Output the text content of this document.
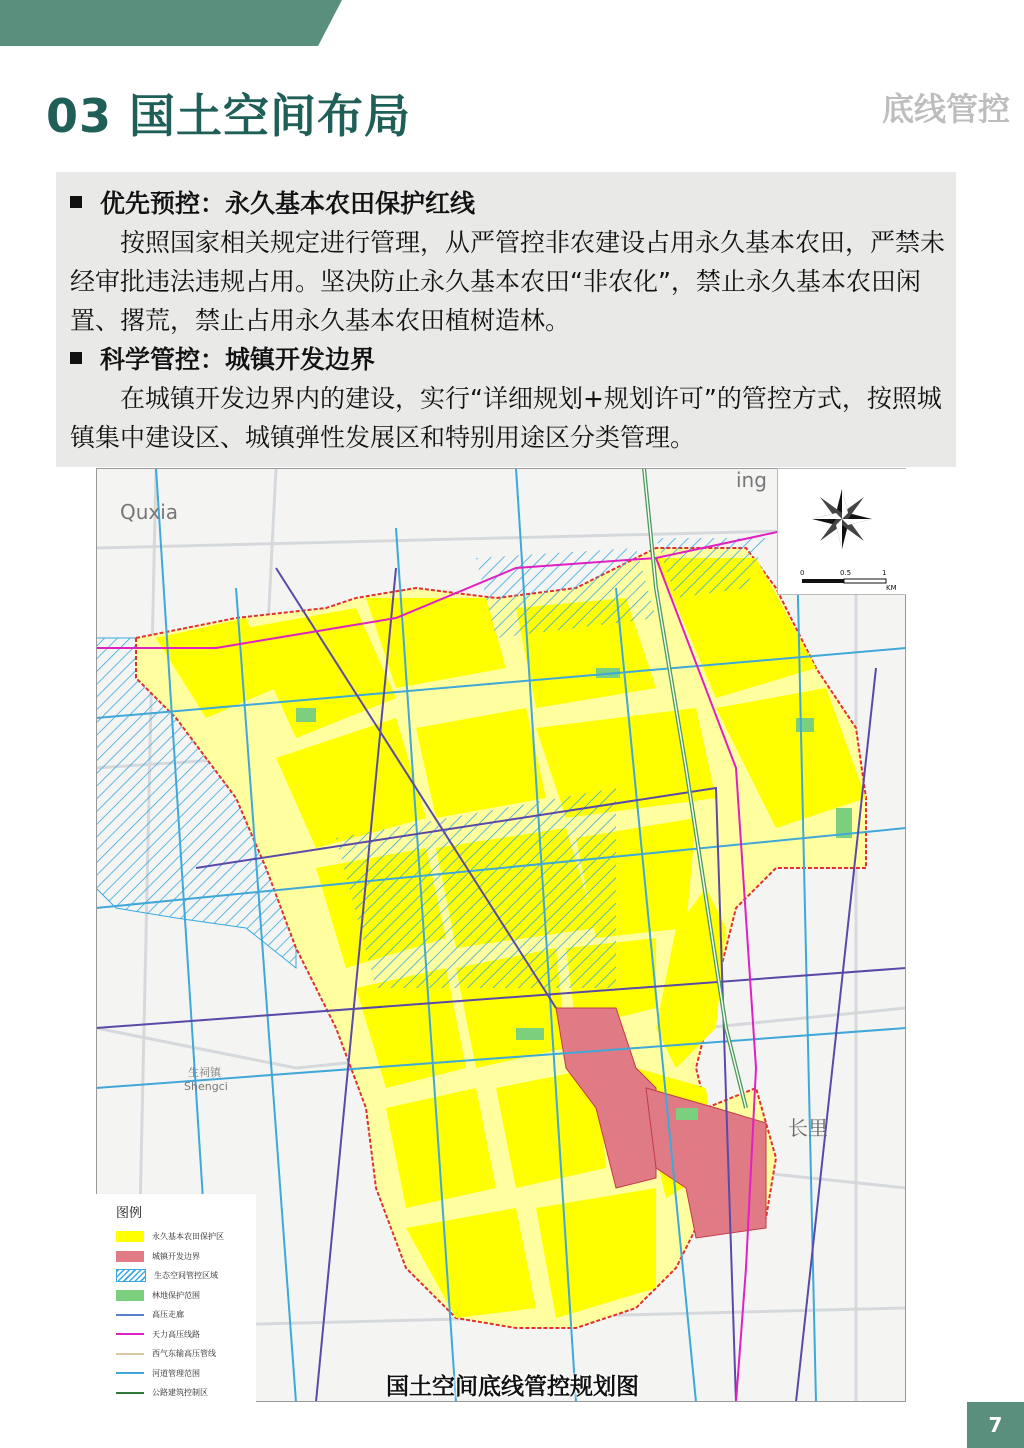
03 国土空间布局	底线管控
优先预控：永久基本农田保护红线

按照国家相关规定进行管理，从严管控非农建设占用永久基本农田，严禁未经审批违法违规占用。坚决防止永久基本农田“非农化”，禁止永久基本农田闲置、撂荒，禁止占用永久基本农田植树造林。

科学管控：城镇开发边界

在城镇开发边界内的建设，实行“详细规划+规划许可”的管控方式，按照城镇集中建设区、城镇弹性发展区和特别用途区分类管理。

Quxia
ing
生祠镇
Shengci
长里
0	0.5	1
KM
图例
永久基本农田保护区
城镇开发边界
生态空间管控区域
林地保护范围
高压走廊
天力高压线路
西气东输高压管线
河道管理范围
公路建筑控制区	国土空间底线管控规划图
7
